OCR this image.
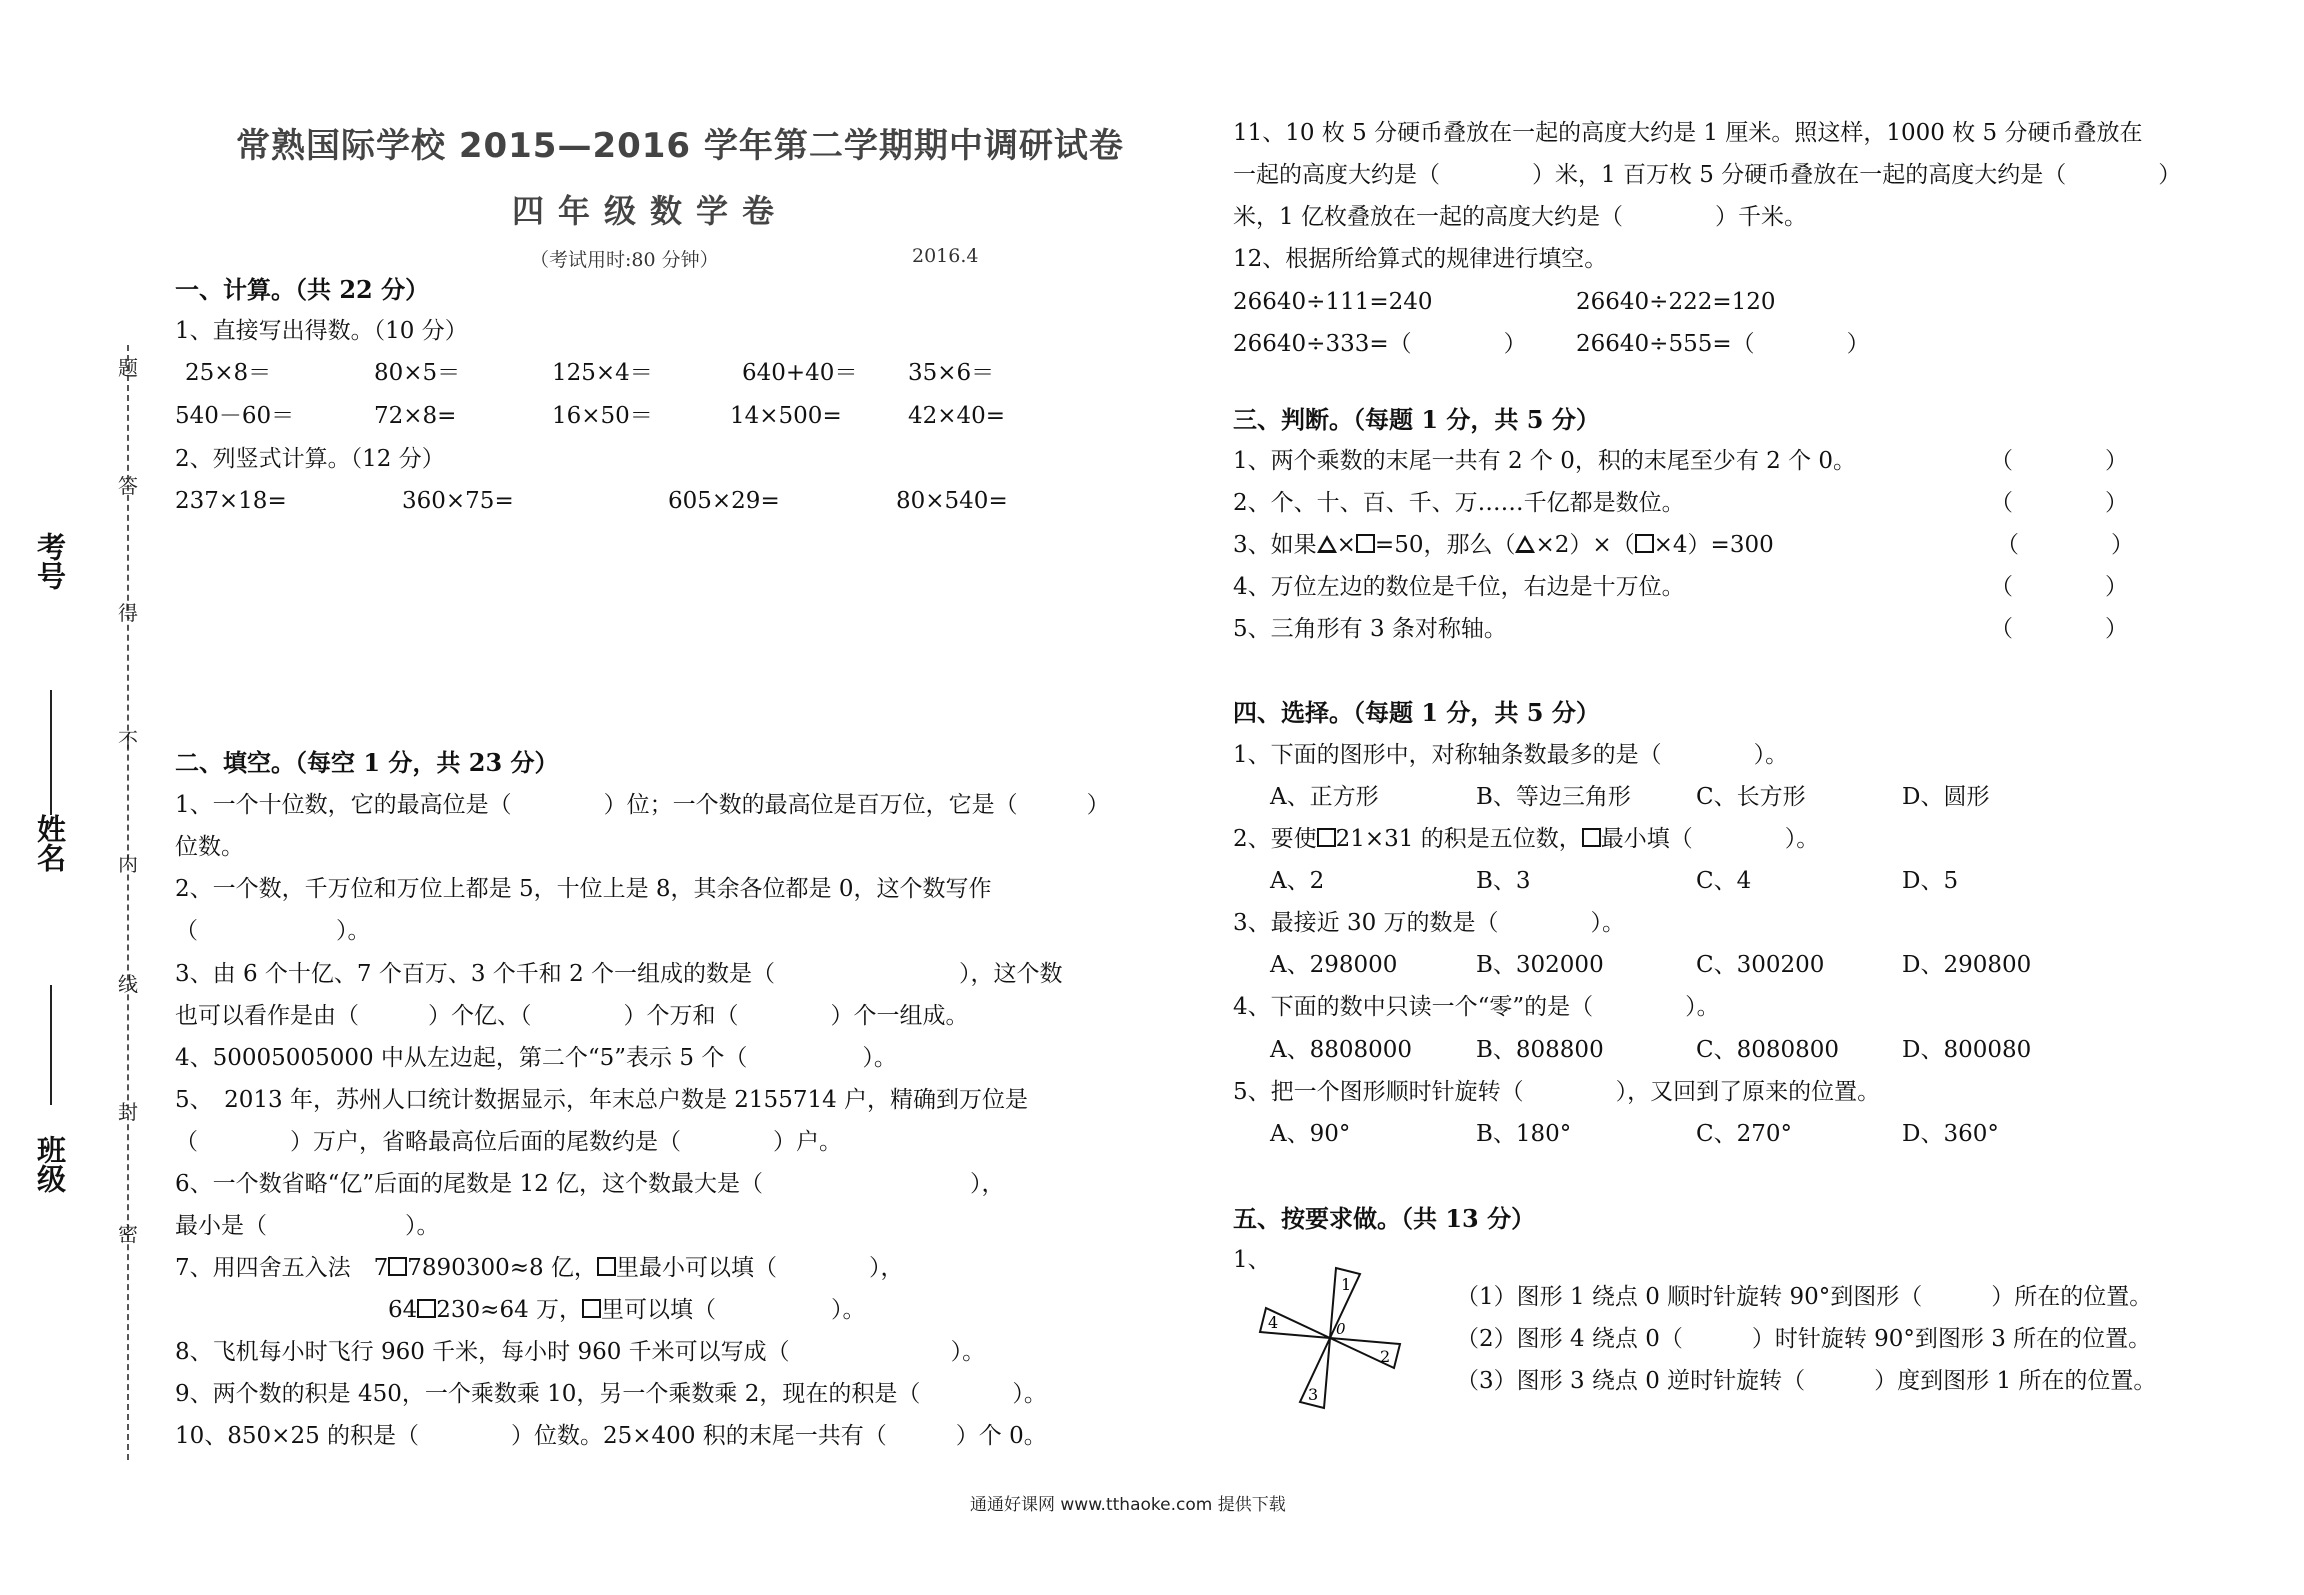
常熟国际学校 2015—2016 学年第二学期期中调研试卷
四年级数学卷
（考试用时:80 分钟）	2016.4
考号
姓名
班级
题
答
得
不
内
线
封
密
一、计算。（共 22 分）
1、直接写出得数。（10 分）
25×8＝	80×5＝	125×4＝	640+40＝ 35×6＝
540－60＝	72×8=	16×50＝	14×500=	42×40=
2、列竖式计算。（12 分）
237×18=	360×75=	605×29=	80×540=
二、填空。（每空 1 分，共 23 分）
1、一个十位数，它的最高位是（　　　　）位；一个数的最高位是百万位，它是（　　　）
位数。
2、一个数，千万位和万位上都是 5，十位上是 8，其余各位都是 0，这个数写作
（　　　　　　）。
3、由 6 个十亿、7 个百万、3 个千和 2 个一组成的数是（　　　　　　　　），这个数
也可以看作是由（　　　）个亿、（　　　　）个万和（　　　　）个一组成。
4、50005005000 中从左边起，第二个“5”表示 5 个（　　　　　）。
5、　2013 年，苏州人口统计数据显示，年末总户数是 2155714 户，精确到万位是
（　　　　）万户，省略最高位后面的尾数约是（　　　　）户。
6、一个数省略“亿”后面的尾数是 12 亿，这个数最大是（　　　　　　　　　），
最小是（　　　　　　）。
7、用四舍五入法　7 7890300≈8 亿， 里最小可以填（　　　　），
64 230≈64 万， 里可以填（　　　　　）。
8、飞机每小时飞行 960 千米，每小时 960 千米可以写成（　　　　　　　）。
9、两个数的积是 450，一个乘数乘 10，另一个乘数乘 2，现在的积是（　　　　）。
10、850×25 的积是（　　　　）位数。25×400 积的末尾一共有（　　　）个 0。
11、10 枚 5 分硬币叠放在一起的高度大约是 1 厘米。照这样，1000 枚 5 分硬币叠放在
一起的高度大约是（　　　　）米，1 百万枚 5 分硬币叠放在一起的高度大约是（　　　　）
米，1 亿枚叠放在一起的高度大约是（　　　　）千米。
12、根据所给算式的规律进行填空。
26640÷111=240	26640÷222=120
26640÷333=（　　　　） 26640÷555=（　　　　）
三、判断。（每题 1 分，共 5 分）
1、两个乘数的末尾一共有 2 个 0，积的末尾至少有 2 个 0。	（　　　　）
2、个、十、百、千、万……千亿都是数位。	（　　　　）
3、如果 × =50，那么（ ×2）×（ ×4）=300	（　　　　）
4、万位左边的数位是千位，右边是十万位。	（　　　　）
5、三角形有 3 条对称轴。	（　　　　）
四、选择。（每题 1 分，共 5 分）
1、下面的图形中，对称轴条数最多的是（　　　　）。
A、正方形	B、等边三角形	C、长方形	D、圆形
2、要使 21×31 的积是五位数， 最小填（　　　　）。
A、2	B、3	C、4	D、5
3、最接近 30 万的数是（　　　　）。
A、298000	B、302000	C、300200	D、290800
4、下面的数中只读一个“零”的是（　　　　）。
A、8808000	B、808800	C、8080800	D、800080
5、把一个图形顺时针旋转（　　　　），又回到了原来的位置。
A、90°	B、180°	C、270°	D、360°
五、按要求做。（共 13 分）
1、
1
2
3
4	0
（1）图形 1 绕点 0 顺时针旋转 90°到图形（　　　）所在的位置。
（2）图形 4 绕点 0（　　　）时针旋转 90°到图形 3 所在的位置。
（3）图形 3 绕点 0 逆时针旋转（　　　）度到图形 1 所在的位置。
通通好课网 www.tthaoke.com 提供下载
